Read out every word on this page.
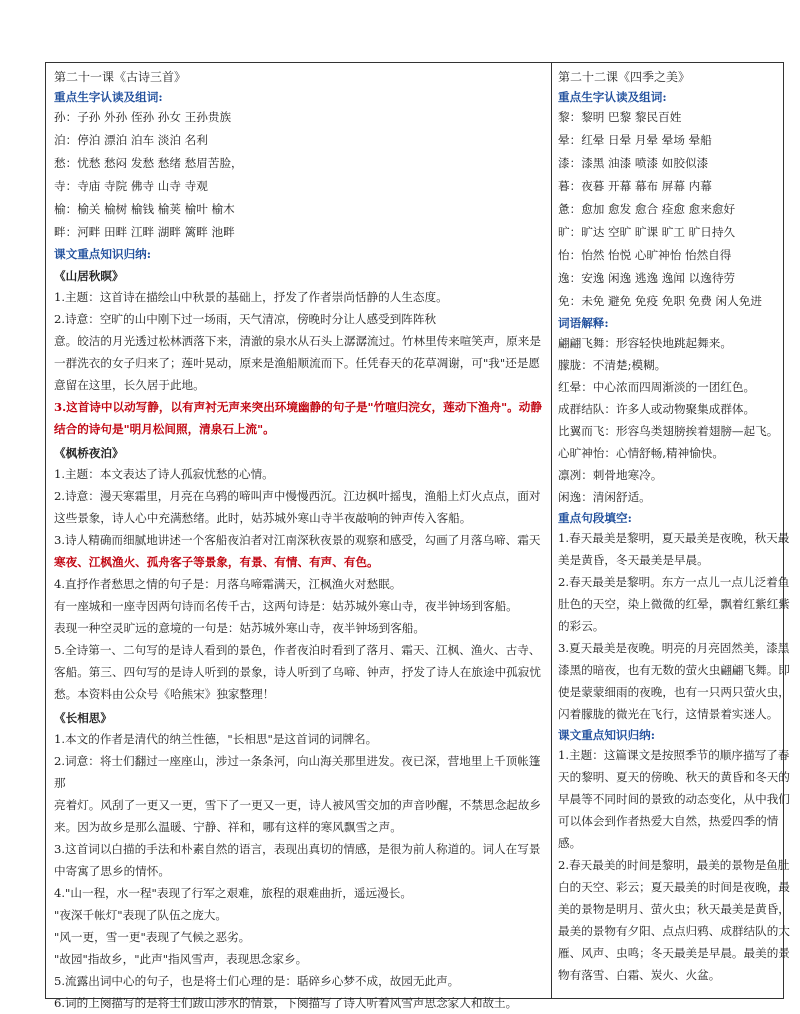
第二十一课《古诗三首》
重点生字认读及组词:
孙：子孙 外孙 侄孙 孙女 王孙贵族
泊：停泊 漂泊 泊车 淡泊 名利
愁：忧愁 愁闷 发愁 愁绪 愁眉苦脸，
寺：寺庙 寺院 佛寺 山寺 寺观
榆：榆关 榆树 榆钱 榆荚 榆叶 榆木
畔：河畔 田畔 江畔 湖畔 篱畔 池畔
课文重点知识归纳:
《山居秋暝》
1.主题：这首诗在描绘山中秋景的基础上，抒发了作者崇尚恬静的人生态度。
2.诗意：空旷的山中刚下过一场雨，天气清凉，傍晚时分让人感受到阵阵秋
意。皎洁的月光透过松林洒落下来，清澈的泉水从石头上潺潺流过。竹林里传来喧笑声，原来是
一群洗衣的女子归来了；莲叶晃动，原来是渔船顺流而下。任凭春天的花草凋谢，可"我"还是愿
意留在这里，长久居于此地。
3.这首诗中以动写静，以有声衬无声来突出环境幽静的句子是"竹喧归浣女，莲动下渔舟"。动静
结合的诗句是"明月松间照，清泉石上流"。
《枫桥夜泊》
1.主题：本文表达了诗人孤寂忧愁的心情。
2.诗意：漫天寒霜里，月亮在乌鸦的啼叫声中慢慢西沉。江边枫叶摇曳，渔船上灯火点点，面对
这些景象，诗人心中充满愁绪。此时，姑苏城外寒山寺半夜敲响的钟声传入客船。
3.诗人精确而细腻地讲述一个客船夜泊者对江南深秋夜景的观察和感受，勾画了月落乌啼、霜天
寒夜、江枫渔火、孤舟客子等景象，有景、有情、有声、有色。
4.直抒作者愁思之情的句子是：月落乌啼霜满天，江枫渔火对愁眠。
有一座城和一座寺因两句诗而名传千古，这两句诗是：姑苏城外寒山寺，夜半钟场到客船。
表现一种空灵旷远的意境的一句是：姑苏城外寒山寺，夜半钟场到客船。
5.全诗第一、二句写的是诗人看到的景色，作者夜泊时看到了落月、霜天、江枫、渔火、古寺、
客船。第三、四句写的是诗人听到的景象，诗人听到了乌啼、钟声，抒发了诗人在旅途中孤寂忧
愁。本资料由公众号《哈熊宋》独家整理！
《长相思》
1.本文的作者是清代的纳兰性德，"长相思"是这首词的词牌名。
2.词意：将士们翻过一座座山，涉过一条条河，向山海关那里进发。夜已深，营地里上千顶帐篷那
亮着灯。风刮了一更又一更，雪下了一更又一更，诗人被风雪交加的声音吵醒，不禁思念起故乡
来。因为故乡是那么温暖、宁静、祥和，哪有这样的寒风飘雪之声。
3.这首词以白描的手法和朴素自然的语言，表现出真切的情感，是很为前人称道的。词人在写景
中寄寓了思乡的情怀。
4."山一程，水一程"表现了行军之艰难，旅程的艰难曲折，遥远漫长。
"夜深千帐灯"表现了队伍之庞大。
"风一更，雪一更"表现了气候之恶劣。
"故园"指故乡，"此声"指风雪声，表现思念家乡。
5.流露出词中心的句子，也是将士们心理的是：聒碎乡心梦不成，故园无此声。
6.词的上阕描写的是将士们跋山涉水的情景，下阕描写了诗人听着风雪声思念家人和故土。
第二十二课《四季之美》
重点生字认读及组词:
黎：黎明 巴黎 黎民百姓
晕：红晕 日晕 月晕 晕场 晕船
漆：漆黑 油漆 喷漆 如胶似漆
暮：夜暮 开幕 幕布 屏幕 内幕
惫：愈加 愈发 愈合 痊愈 愈来愈好
旷：旷达 空旷 旷课 旷工 旷日持久
怡：怡然 怡悦 心旷神怡 怡然自得
逸：安逸 闲逸 逃逸 逸闻 以逸待劳
免：未免 避免 免疫 免职 免费 闲人免进
词语解释:
翩翩飞舞：形容轻快地跳起舞来。
朦胧：不清楚;模糊。
红晕：中心浓而四周渐淡的一团红色。
成群结队：许多人或动物聚集成群体。
比翼而飞：形容鸟类翅膀挨着翅膀—起飞。
心旷神怡：心情舒畅,精神愉快。
凛冽：刺骨地寒冷。
闲逸：清闲舒适。
重点句段填空:
1.春天最美是黎明，夏天最美是夜晚，秋天最
美是黄昏，冬天最美是早晨。
2.春天最美是黎明。东方一点儿一点儿泛着鱼
肚色的天空，染上微微的红晕，飘着红紫红紫
的彩云。
3.夏天最美是夜晚。明亮的月亮固然美，漆黑
漆黑的暗夜，也有无数的萤火虫翩翩飞舞。即
使是蒙蒙细雨的夜晚，也有一只两只萤火虫，
闪着朦胧的微光在飞行，这情景着实迷人。
课文重点知识归纳:
1.主题：这篇课文是按照季节的顺序描写了春
天的黎明、夏天的傍晚、秋天的黄昏和冬天的
早晨等不同时间的景致的动态变化，从中我们
可以体会到作者热爱大自然，热爱四季的情
感。
2.春天最美的时间是黎明，最美的景物是鱼肚
白的天空、彩云；夏天最美的时间是夜晚，最
美的景物是明月、萤火虫；秋天最美是黄昏，
最美的景物有夕阳、点点归鸦、成群结队的大
雁、风声、虫鸣；冬天最美是早晨。最美的景
物有落雪、白霜、炭火、火盆。
